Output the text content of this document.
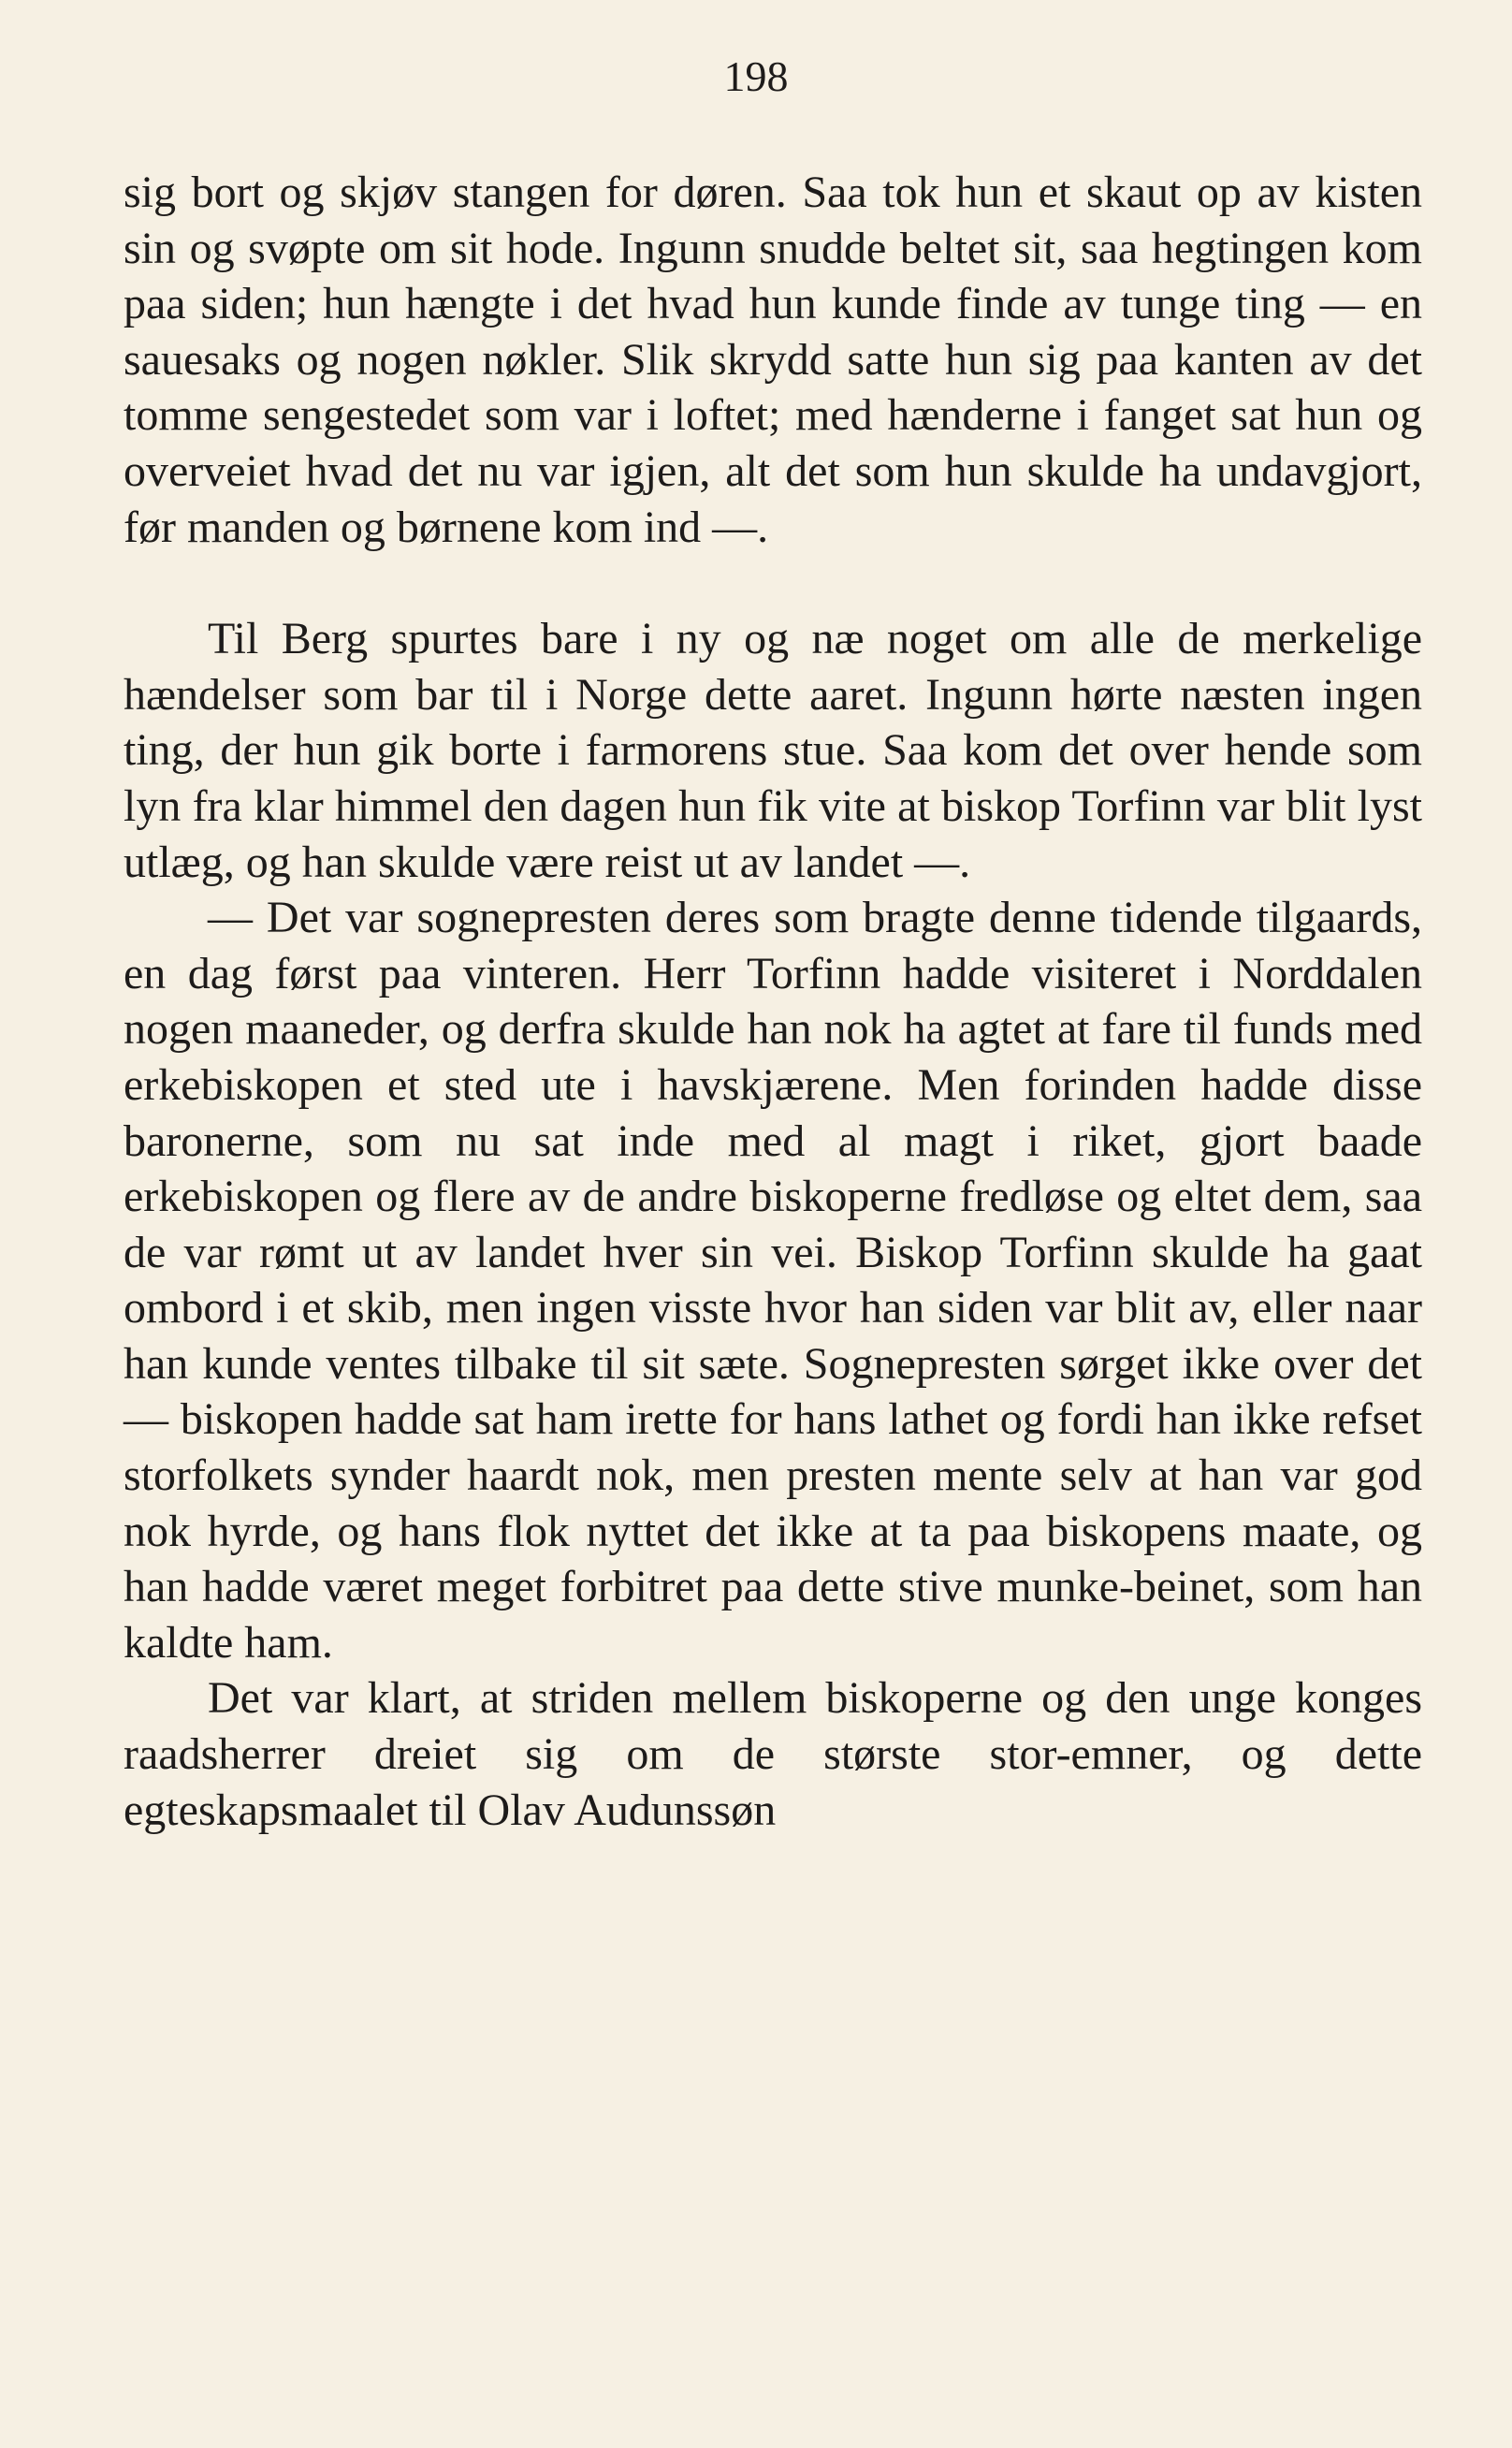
198

sig bort og skjøv stangen for døren. Saa tok hun et skaut op av kisten sin og svøpte om sit hode. Ingunn snudde beltet sit, saa hegtingen kom paa siden; hun hængte i det hvad hun kunde finde av tunge ting — en sauesaks og nogen nøkler. Slik skrydd satte hun sig paa kanten av det tomme sengestedet som var i loftet; med hænderne i fanget sat hun og overveiet hvad det nu var igjen, alt det som hun skulde ha undavgjort, før manden og børnene kom ind —.

Til Berg spurtes bare i ny og næ noget om alle de merkelige hændelser som bar til i Norge dette aaret. Ingunn hørte næsten ingen ting, der hun gik borte i farmorens stue. Saa kom det over hende som lyn fra klar himmel den dagen hun fik vite at biskop Torfinn var blit lyst utlæg, og han skulde være reist ut av landet —.

— Det var sognepresten deres som bragte denne tidende tilgaards, en dag først paa vinteren. Herr Torfinn hadde visiteret i Norddalen nogen maaneder, og derfra skulde han nok ha agtet at fare til funds med erkebiskopen et sted ute i havskjærene. Men forinden hadde disse baronerne, som nu sat inde med al magt i riket, gjort baade erkebiskopen og flere av de andre biskoperne fredløse og eltet dem, saa de var rømt ut av landet hver sin vei. Biskop Torfinn skulde ha gaat ombord i et skib, men ingen visste hvor han siden var blit av, eller naar han kunde ventes tilbake til sit sæte. Sognepresten sørget ikke over det — biskopen hadde sat ham irette for hans lathet og fordi han ikke refset storfolkets synder haardt nok, men presten mente selv at han var god nok hyrde, og hans flok nyttet det ikke at ta paa biskopens maate, og han hadde været meget forbitret paa dette stive munke-beinet, som han kaldte ham.

Det var klart, at striden mellem biskoperne og den unge konges raadsherrer dreiet sig om de største stor-emner, og dette egteskapsmaalet til Olav Audunssøn
